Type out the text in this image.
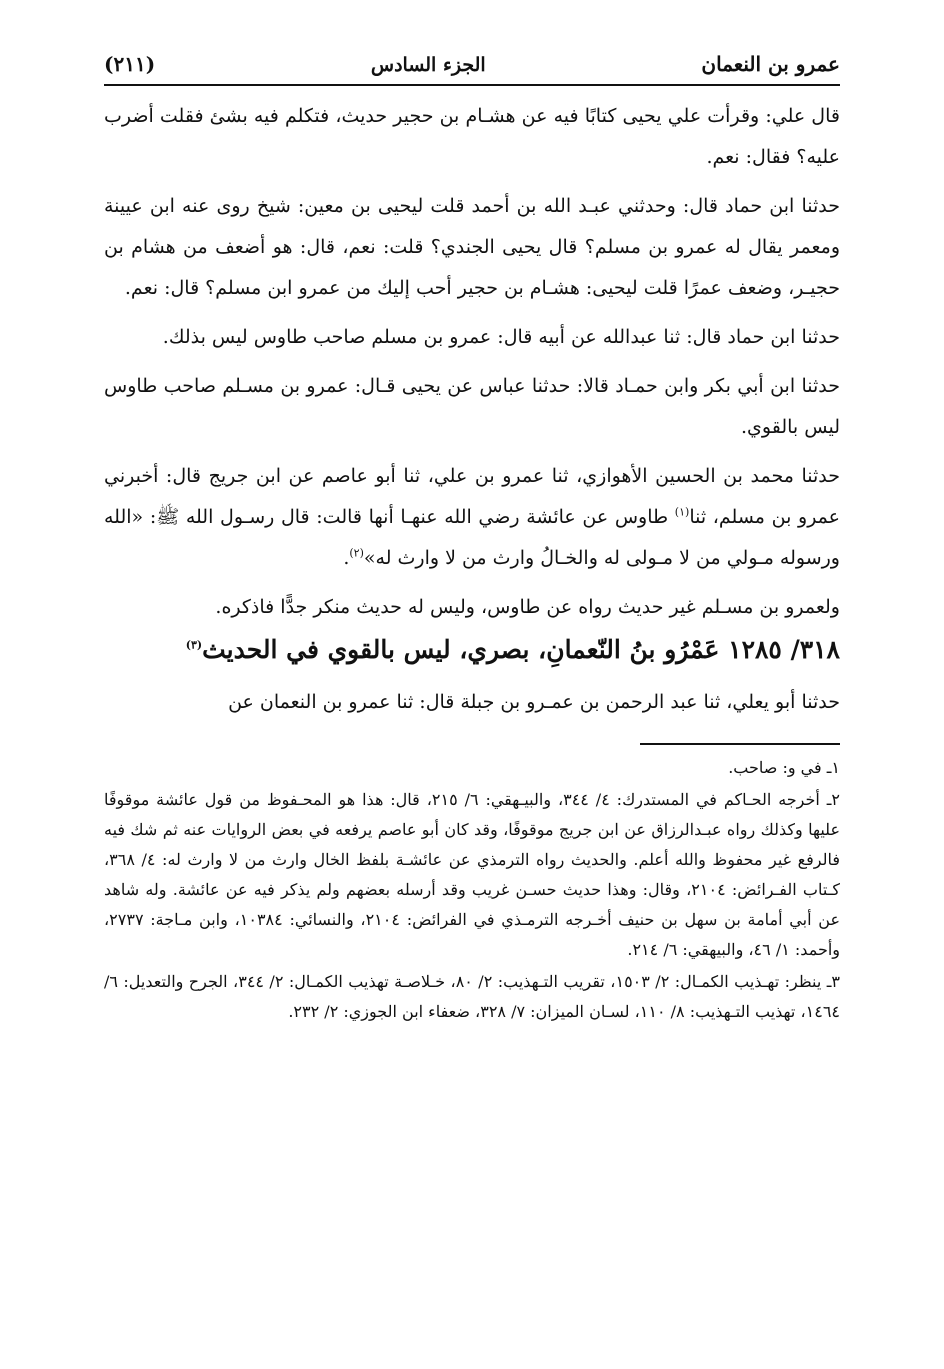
عمرو بن النعمان
الجزء السادس
(٢١١)

قال علي: وقرأت علي يحيى كتابًا فيه عن هشـام بن حجير حديث، فتكلم فيه بشئ فقلت أضرب عليه؟ فقال: نعم.

حدثنا ابن حماد قال: وحدثني عبـد الله بن أحمد قلت ليحيى بن معين: شيخ روى عنه ابن عيينة ومعمر يقال له عمرو بن مسلم؟ قال يحيى الجندي؟ قلت: نعم، قال: هو أضعف من هشام بن حجيـر، وضعف عمرًا قلت ليحيى: هشـام بن حجير أحب إليك من عمرو ابن مسلم؟ قال: نعم.

حدثنا ابن حماد قال: ثنا عبدالله عن أبيه قال: عمرو بن مسلم صاحب طاوس ليس بذلك.

حدثنا ابن أبي بكر وابن حمـاد قالا: حدثنا عباس عن يحيى قـال: عمرو بن مسـلم صاحب طاوس ليس بالقوي.

حدثنا محمد بن الحسين الأهوازي، ثنا عمرو بن علي، ثنا أبو عاصم عن ابن جريج قال: أخبرني عمرو بن مسلم، ثنا$^{(١)}$ طاوس عن عائشة رضي الله عنهـا أنها قالت: قال رسـول الله ﷺ: «الله ورسوله مـولي من لا مـولى له والخـالُ وارث من لا وارث له»$^{(٢)}$.

ولعمرو بن مسـلم غير حديث رواه عن طاوس، وليس له حديث منكر جدًّا فاذكره.

٣١٨/ ١٢٨٥ عَمْرُو بنُ النّعمانِ، بصري، ليس بالقوي في الحديث$^{(٣)}$

حدثنا أبو يعلي، ثنا عبد الرحمن بن عمـرو بن جبلة قال: ثنا عمرو بن النعمان عن

١ـ في و: صاحب.

٢ـ أخرجه الحـاكم في المستدرك: ٤/ ٣٤٤، والبيـهقي: ٦/ ٢١٥، قال: هذا هو المحـفوظ من قول عائشة موقوفًا عليها وكذلك رواه عبـدالرزاق عن ابن جريج موقوفًا، وقد كان أبو عاصم يرفعه في بعض الروايات عنه ثم شك فيه فالرفع غير محفوظ والله أعلم. والحديث رواه الترمذي عن عائشـة بلفظ الخال وارث من لا وارث له: ٤/ ٣٦٨، كـتاب الفـرائض: ٢١٠٤، وقال: وهذا حديث حسـن غريب وقد أرسله بعضهم ولم يذكر فيه عن عائشة. وله شاهد عن أبي أمامة بن سهل بن حنيف أخـرجه الترمـذي في الفرائض: ٢١٠٤، والنسائي: ١٠٣٨٤، وابن مـاجة: ٢٧٣٧، وأحمد: ١/ ٤٦، والبيهقي: ٦/ ٢١٤.

٣ـ ينظر: تهـذيب الكمـال: ٢/ ١٥٠٣، تقريب التـهذيب: ٢/ ٨٠، خـلاصـة تهذيب الكمـال: ٢/ ٣٤٤، الجرح والتعديل: ٦/ ١٤٦٤، تهذيب التـهذيب: ٨/ ١١٠، لسـان الميزان: ٧/ ٣٢٨، ضعفاء ابن الجوزي: ٢/ ٢٣٢.
